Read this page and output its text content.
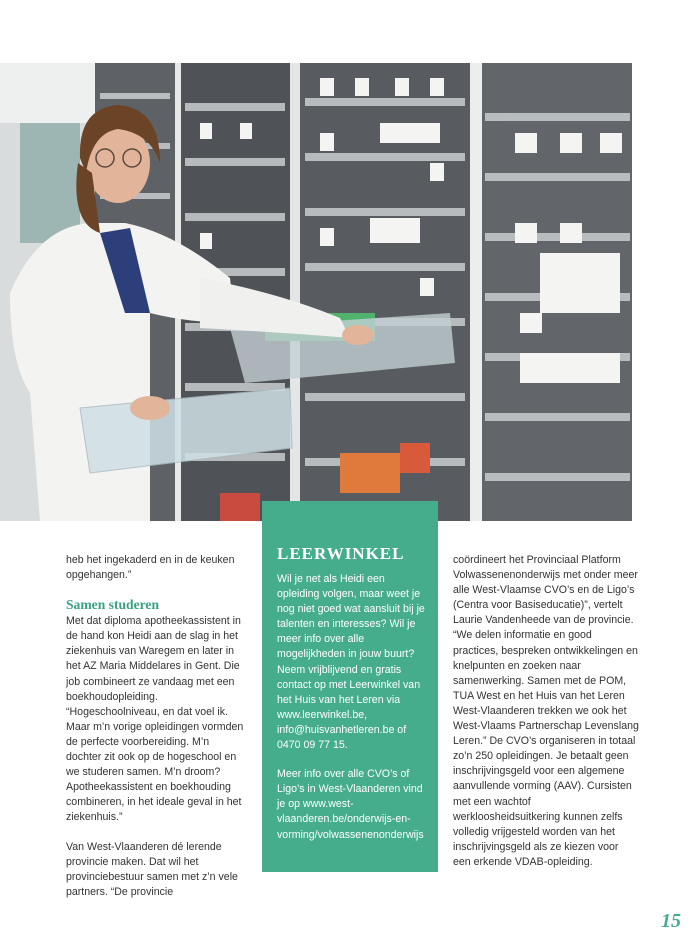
heb het ingekaderd en in de keuken opgehangen.”

Samen studeren

Met dat diploma apotheekassistent in de hand kon Heidi aan de slag in het ziekenhuis van Waregem en later in het AZ Maria Middelares in Gent. Die job combineert ze vandaag met een boekhoudopleiding. “Hogeschoolniveau, en dat voel ik. Maar m’n vorige opleidingen vormden de perfecte voorbereiding. M’n dochter zit ook op de hogeschool en we studeren samen. M’n droom? Apotheekassistent en boekhouding combineren, in het ideale geval in het ziekenhuis.”

Van West-Vlaanderen dé lerende provincie maken. Dat wil het provinciebestuur samen met z’n vele partners. “De provincie

LEERWINKEL

Wil je net als Heidi een opleiding volgen, maar weet je nog niet goed wat aansluit bij je talenten en interesses? Wil je meer info over alle mogelijkheden in jouw buurt? Neem vrijblijvend en gratis contact op met Leerwinkel van het Huis van het Leren via www.leerwinkel.be, info@huisvanhetleren.be of 0470 09 77 15.

Meer info over alle CVO’s of Ligo’s in West-Vlaanderen vind je op www.west-vlaanderen.be/onderwijs-en-vorming/volwassenenonderwijs

coördineert het Provinciaal Platform Volwassenenonderwijs met onder meer alle West-Vlaamse CVO’s en de Ligo’s (Centra voor Basiseducatie)”, vertelt Laurie Vandenheede van de provincie. “We delen informatie en good practices, bespreken ontwikkelingen en knelpunten en zoeken naar samenwerking. Samen met de POM, TUA West en het Huis van het Leren West-Vlaanderen trekken we ook het West-Vlaams Partnerschap Levenslang Leren.” De CVO’s organiseren in totaal zo’n 250 opleidingen. Je betaalt geen inschrijvingsgeld voor een algemene aanvullende vorming (AAV). Cursisten met een wachtof werkloosheidsuitkering kunnen zelfs volledig vrijgesteld worden van het inschrijvingsgeld als ze kiezen voor een erkende VDAB-opleiding.

15
